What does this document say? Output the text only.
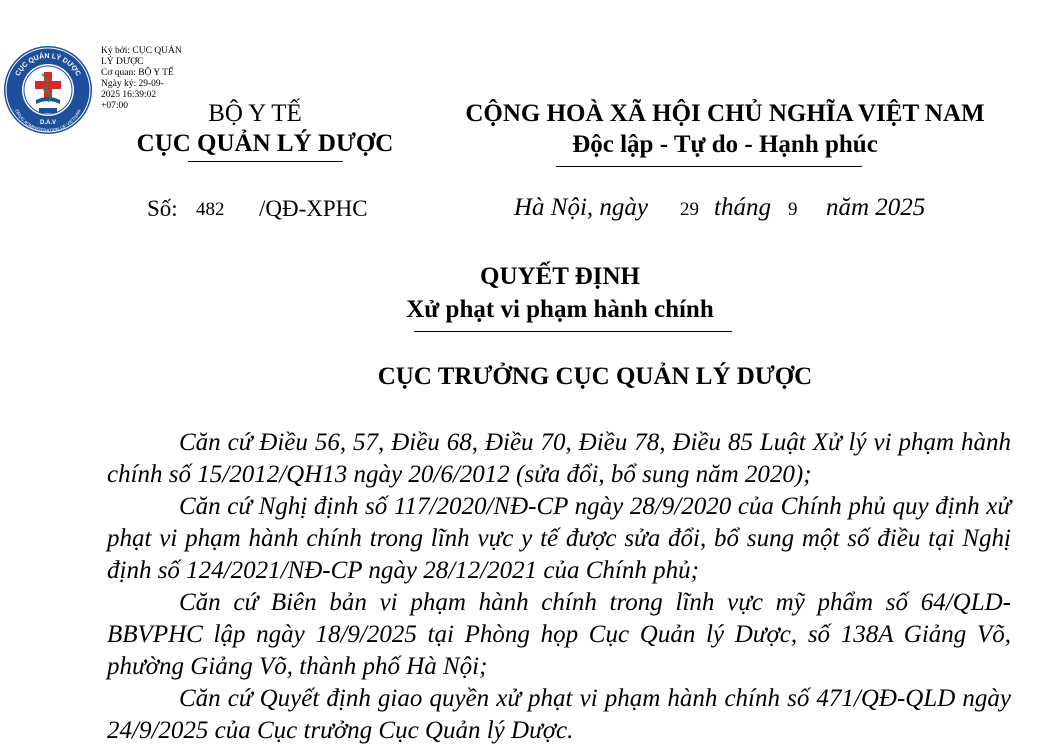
CỤC QUẢN LÝ DƯỢC
DRUG ADMINISTRATION OF VIETNAM
D.A.V
Ký bởi: CỤC QUẢN
LÝ DƯỢC
Cơ quan: BỘ Y TẾ
Ngày ký: 29-09-
2025 16:39:02
+07:00	BỘ Y TẾ
CỤC QUẢN LÝ DƯỢC
CỘNG HOÀ XÃ HỘI CHỦ NGHĨA VIỆT NAM
Độc lập - Tự do - Hạnh phúc
Số: 482 /QĐ-XPHC	Hà Nội, ngày 29 tháng 9 năm 2025
QUYẾT ĐỊNH
Xử phạt vi phạm hành chính
CỤC TRƯỞNG CỤC QUẢN LÝ DƯỢC

Căn cứ Điều 56, 57, Điều 68, Điều 70, Điều 78, Điều 85 Luật Xử lý vi phạm hành chính số 15/2012/QH13 ngày 20/6/2012 (sửa đổi, bổ sung năm 2020);

Căn cứ Nghị định số 117/2020/NĐ-CP ngày 28/9/2020 của Chính phủ quy định xử phạt vi phạm hành chính trong lĩnh vực y tế được sửa đổi, bổ sung một số điều tại Nghị định số 124/2021/NĐ-CP ngày 28/12/2021 của Chính phủ;

Căn cứ Biên bản vi phạm hành chính trong lĩnh vực mỹ phẩm số 64/QLD-BBVPHC lập ngày 18/9/2025 tại Phòng họp Cục Quản lý Dược, số 138A Giảng Võ, phường Giảng Võ, thành phố Hà Nội;

Căn cứ Quyết định giao quyền xử phạt vi phạm hành chính số 471/QĐ-QLD ngày 24/9/2025 của Cục trưởng Cục Quản lý Dược.
